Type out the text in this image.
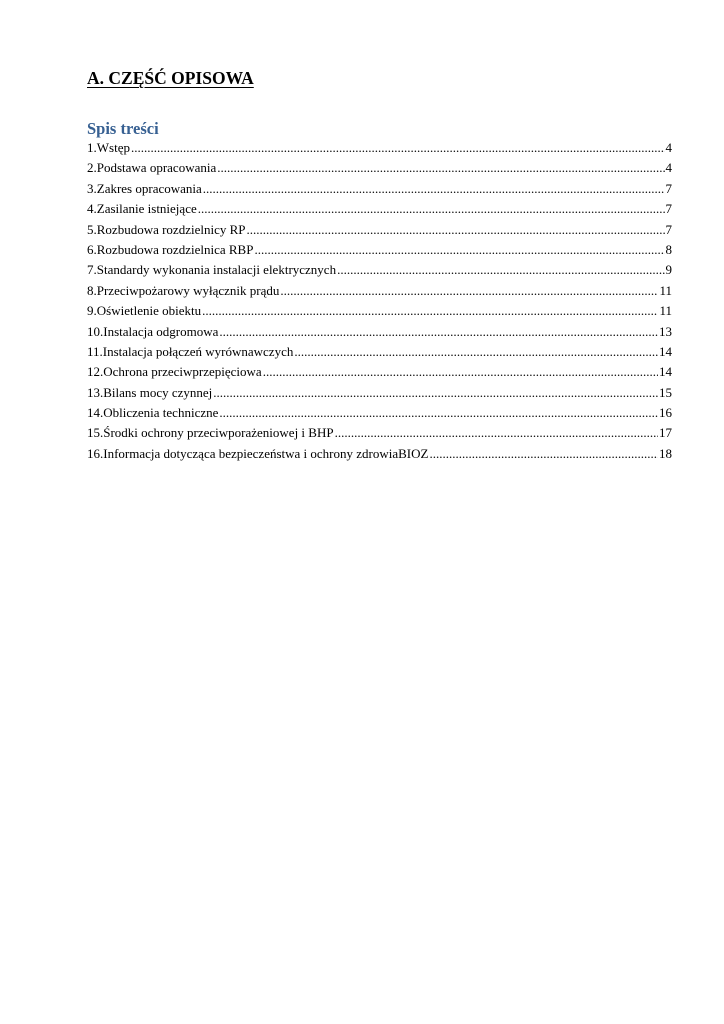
A. CZĘŚĆ OPISOWA
Spis treści
1.Wstęp .....	4
2.Podstawa opracowania .....	4
3.Zakres opracowania .....	7
4.Zasilanie istniejące .....	7
5.Rozbudowa rozdzielnicy RP .....	7
6.Rozbudowa rozdzielnica RBP .....	8
7.Standardy wykonania instalacji elektrycznych .....	9
8.Przeciwpożarowy wyłącznik prądu .....	11
9.Oświetlenie obiektu .....	11
10.Instalacja odgromowa .....	13
11.Instalacja połączeń wyrównawczych .....	14
12.Ochrona przeciwprzepięciowa .....	14
13.Bilans mocy czynnej .....	15
14.Obliczenia techniczne .....	16
15.Środki ochrony przeciwporażeniowej i BHP .....	17
16.Informacja dotycząca bezpieczeństwa i ochrony zdrowiaBIOZ .....	18
